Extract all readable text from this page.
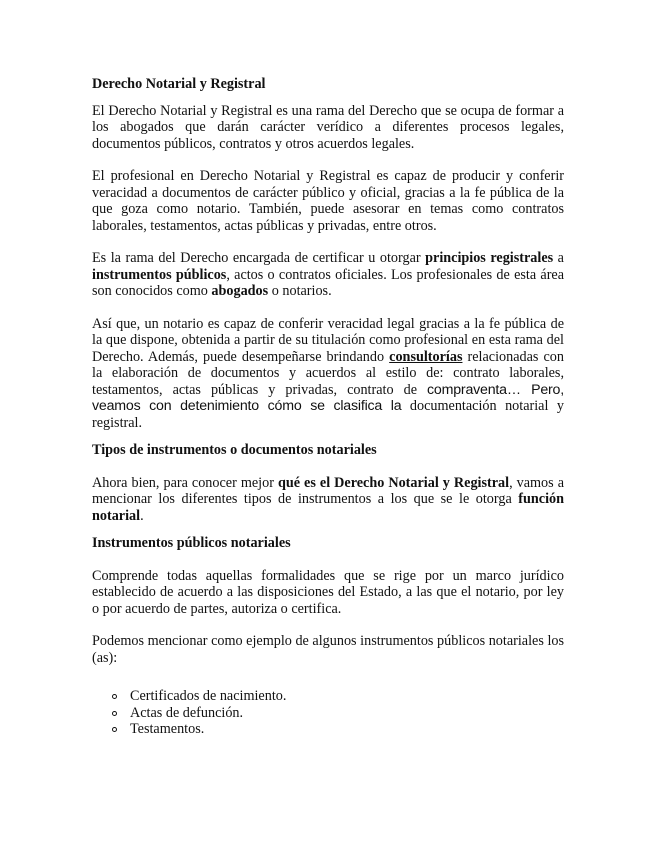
Derecho Notarial y Registral

El Derecho Notarial y Registral es una rama del Derecho que se ocupa de formar a los abogados que darán carácter verídico a diferentes procesos legales, documentos públicos, contratos y otros acuerdos legales.

El profesional en Derecho Notarial y Registral es capaz de producir y conferir veracidad a documentos de carácter público y oficial, gracias a la fe pública de la que goza como notario. También, puede asesorar en temas como contratos laborales, testamentos, actas públicas y privadas, entre otros.

Es la rama del Derecho encargada de certificar u otorgar principios registrales a instrumentos públicos, actos o contratos oficiales. Los profesionales de esta área son conocidos como abogados o notarios.

Así que, un notario es capaz de conferir veracidad legal gracias a la fe pública de la que dispone, obtenida a partir de su titulación como profesional en esta rama del Derecho. Además, puede desempeñarse brindando consultorías relacionadas con la elaboración de documentos y acuerdos al estilo de: contrato laborales, testamentos, actas públicas y privadas, contrato de compraventa… Pero, veamos con detenimiento cómo se clasifica la documentación notarial y registral.

Tipos de instrumentos o documentos notariales

Ahora bien, para conocer mejor qué es el Derecho Notarial y Registral, vamos a mencionar los diferentes tipos de instrumentos a los que se le otorga función notarial.

Instrumentos públicos notariales

Comprende todas aquellas formalidades que se rige por un marco jurídico establecido de acuerdo a las disposiciones del Estado, a las que el notario, por ley o por acuerdo de partes, autoriza o certifica.

Podemos mencionar como ejemplo de algunos instrumentos públicos notariales los (as):

Certificados de nacimiento.
Actas de defunción.
Testamentos.
